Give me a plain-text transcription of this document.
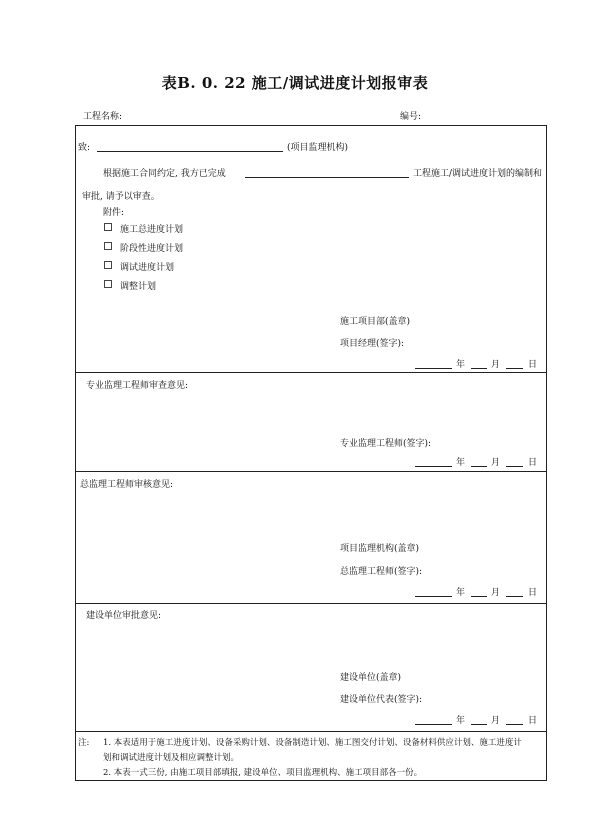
表B. 0. 22 施工/调试进度计划报审表
工程名称:	编号:
致:	(项目监理机构)
根据施工合同约定, 我方已完成	工程施工/调试进度计划的编制和
审批, 请予以审查。
附件:
施工总进度计划
阶段性进度计划
调试进度计划
调整计划
施工项目部(盖章)
项目经理(签字):
年	月	日
专业监理工程师审查意见:
专业监理工程师(签字):
年	月	日
总监理工程师审核意见:
项目监理机构(盖章)
总监理工程师(签字):
年	月	日
建设单位审批意见:
建设单位(盖章)
建设单位代表(签字):
年	月	日
注: 1. 本表适用于施工进度计划、设备采购计划、设备制造计划、施工图交付计划、设备材料供应计划、施工进度计
划和调试进度计划及相应调整计划。
2. 本表一式三份, 由施工项目部填报, 建设单位、项目监理机构、施工项目部各一份。
